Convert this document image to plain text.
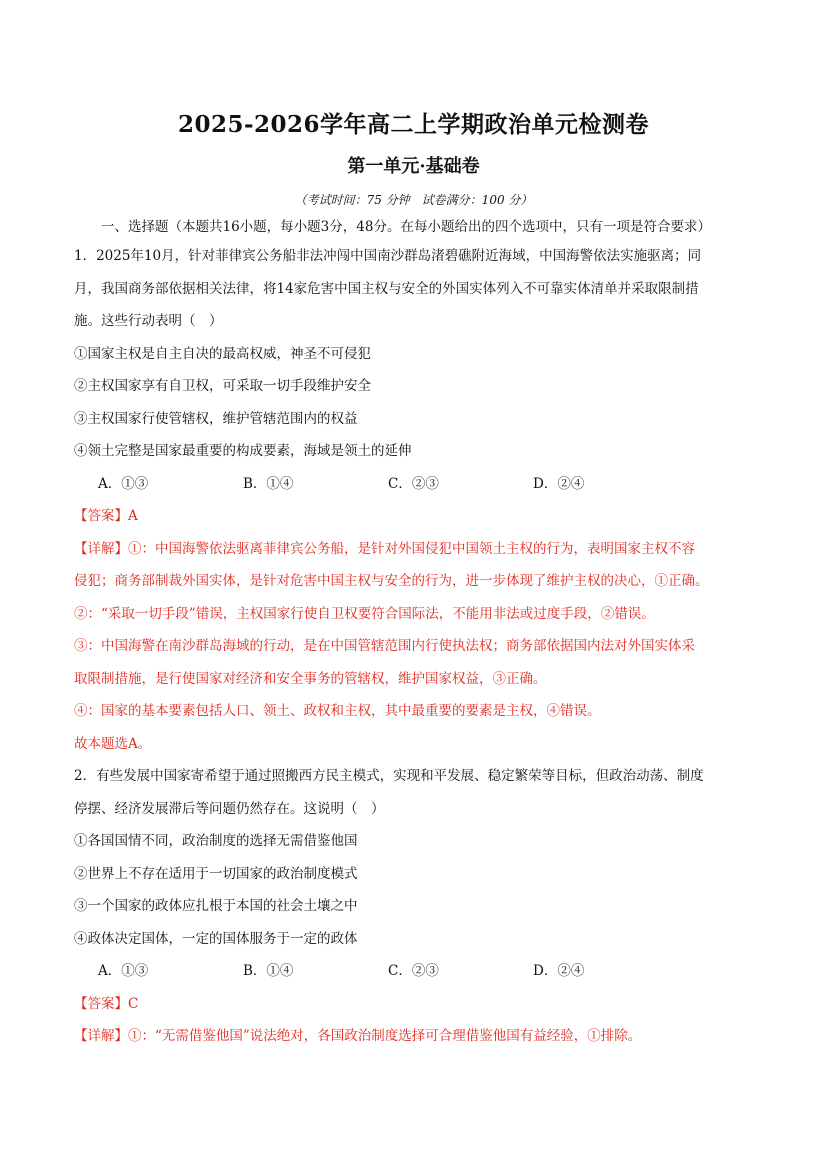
2025-2026学年高二上学期政治单元检测卷
第一单元·基础卷
（考试时间：75 分钟　试卷满分：100 分）
一、选择题（本题共16小题，每小题3分，48分。在每小题给出的四个选项中，只有一项是符合要求）
1．2025年10月，针对菲律宾公务船非法冲闯中国南沙群岛渚碧礁附近海域，中国海警依法实施驱离；同
月，我国商务部依据相关法律，将14家危害中国主权与安全的外国实体列入不可靠实体清单并采取限制措
施。这些行动表明（　）
①国家主权是自主自决的最高权威，神圣不可侵犯
②主权国家享有自卫权，可采取一切手段维护安全
③主权国家行使管辖权，维护管辖范围内的权益
④领土完整是国家最重要的构成要素，海域是领土的延伸
A．①③	B．①④	C．②③	D．②④
【答案】A
【详解】①：中国海警依法驱离菲律宾公务船，是针对外国侵犯中国领土主权的行为，表明国家主权不容
侵犯；商务部制裁外国实体，是针对危害中国主权与安全的行为，进一步体现了维护主权的决心，①正确。
②：“采取一切手段”错误，主权国家行使自卫权要符合国际法，不能用非法或过度手段，②错误。
③：中国海警在南沙群岛海域的行动，是在中国管辖范围内行使执法权；商务部依据国内法对外国实体采
取限制措施，是行使国家对经济和安全事务的管辖权，维护国家权益，③正确。
④：国家的基本要素包括人口、领土、政权和主权，其中最重要的要素是主权，④错误。
故本题选A。
2．有些发展中国家寄希望于通过照搬西方民主模式，实现和平发展、稳定繁荣等目标，但政治动荡、制度
停摆、经济发展滞后等问题仍然存在。这说明（　）
①各国国情不同，政治制度的选择无需借鉴他国
②世界上不存在适用于一切国家的政治制度模式
③一个国家的政体应扎根于本国的社会土壤之中
④政体决定国体，一定的国体服务于一定的政体
A．①③	B．①④	C．②③	D．②④
【答案】C
【详解】①：“无需借鉴他国”说法绝对，各国政治制度选择可合理借鉴他国有益经验，①排除。
